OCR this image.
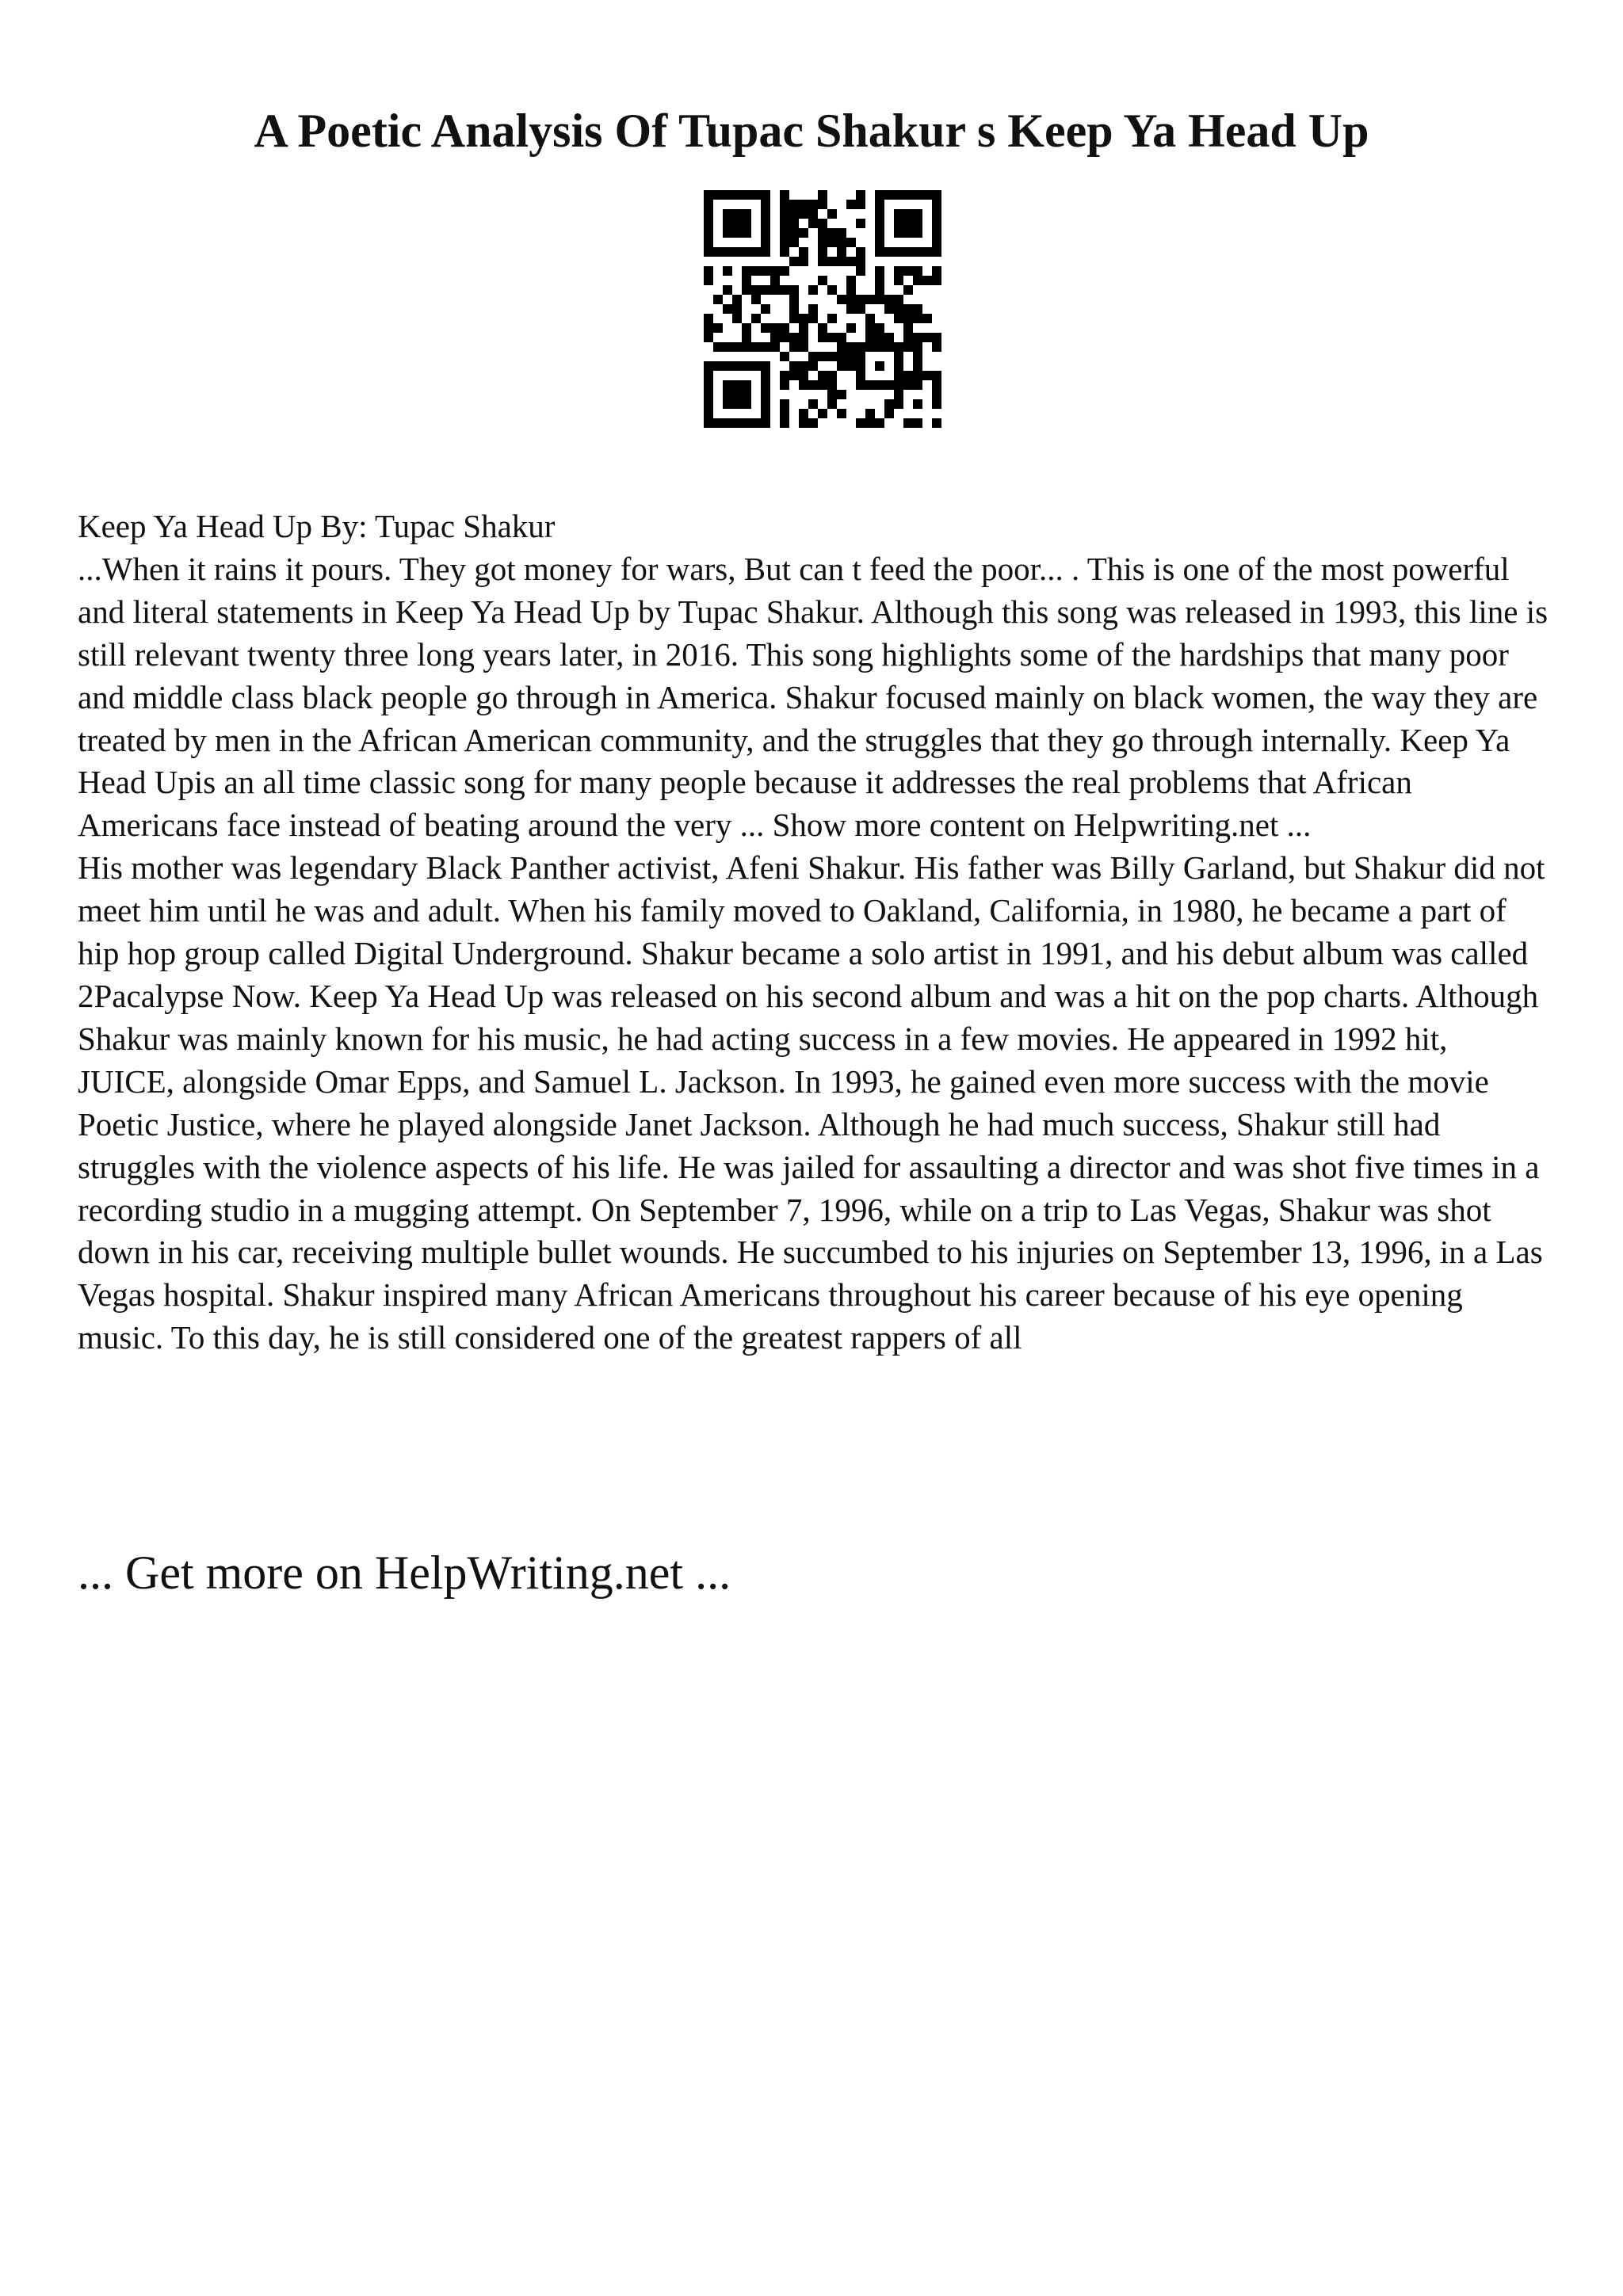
A Poetic Analysis Of Tupac Shakur s Keep Ya Head Up

Keep Ya Head Up By: Tupac Shakur

...When it rains it pours. They got money for wars, But can t feed the poor... . This is one of the most powerful and literal statements in Keep Ya Head Up by Tupac Shakur. Although this song was released in 1993, this line is still relevant twenty three long years later, in 2016. This song highlights some of the hardships that many poor and middle class black people go through in America. Shakur focused mainly on black women, the way they are treated by men in the African American community, and the struggles that they go through internally. Keep Ya Head Upis an all time classic song for many people because it addresses the real problems that African Americans face instead of beating around the very ... Show more content on Helpwriting.net ...

His mother was legendary Black Panther activist, Afeni Shakur. His father was Billy Garland, but Shakur did not meet him until he was and adult. When his family moved to Oakland, California, in 1980, he became a part of hip hop group called Digital Underground. Shakur became a solo artist in 1991, and his debut album was called 2Pacalypse Now. Keep Ya Head Up was released on his second album and was a hit on the pop charts. Although Shakur was mainly known for his music, he had acting success in a few movies. He appeared in 1992 hit, JUICE, alongside Omar Epps, and Samuel L. Jackson. In 1993, he gained even more success with the movie Poetic Justice, where he played alongside Janet Jackson. Although he had much success, Shakur still had struggles with the violence aspects of his life. He was jailed for assaulting a director and was shot five times in a recording studio in a mugging attempt. On September 7, 1996, while on a trip to Las Vegas, Shakur was shot down in his car, receiving multiple bullet wounds. He succumbed to his injuries on September 13, 1996, in a Las Vegas hospital. Shakur inspired many African Americans throughout his career because of his eye opening music. To this day, he is still considered one of the greatest rappers of all

... Get more on HelpWriting.net ...
